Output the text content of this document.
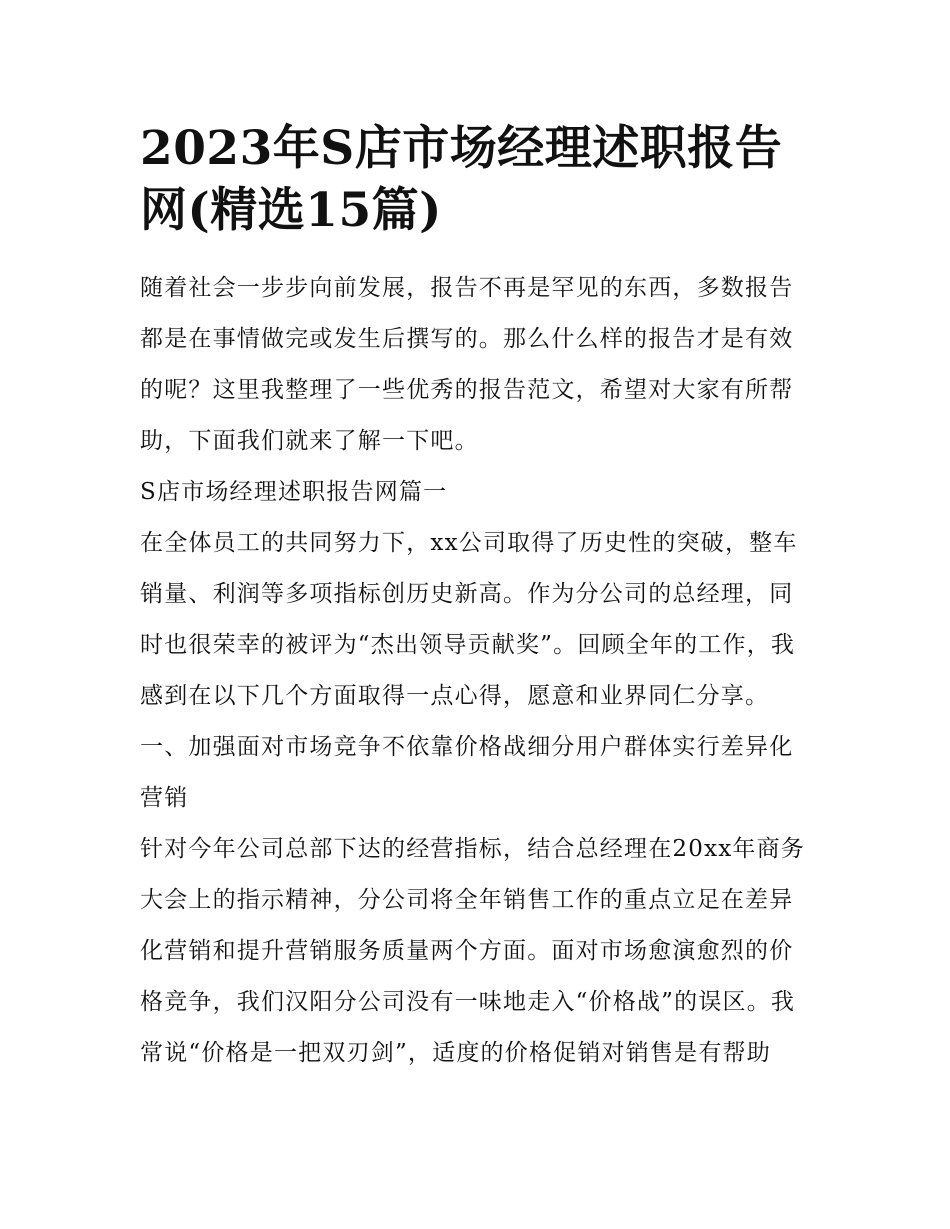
2023年S店市场经理述职报告网(精选15篇)

随着社会一步步向前发展，报告不再是罕见的东西，多数报告都是在事情做完或发生后撰写的。那么什么样的报告才是有效的呢？这里我整理了一些优秀的报告范文，希望对大家有所帮助，下面我们就来了解一下吧。

S店市场经理述职报告网篇一

在全体员工的共同努力下，xx公司取得了历史性的突破，整车销量、利润等多项指标创历史新高。作为分公司的总经理，同时也很荣幸的被评为“杰出领导贡献奖”。回顾全年的工作，我感到在以下几个方面取得一点心得，愿意和业界同仁分享。

一、加强面对市场竞争不依靠价格战细分用户群体实行差异化营销

针对今年公司总部下达的经营指标，结合总经理在20xx年商务大会上的指示精神，分公司将全年销售工作的重点立足在差异化营销和提升营销服务质量两个方面。面对市场愈演愈烈的价格竞争，我们汉阳分公司没有一味地走入“价格战”的误区。我常说“价格是一把双刃剑”，适度的价格促销对销售是有帮助
